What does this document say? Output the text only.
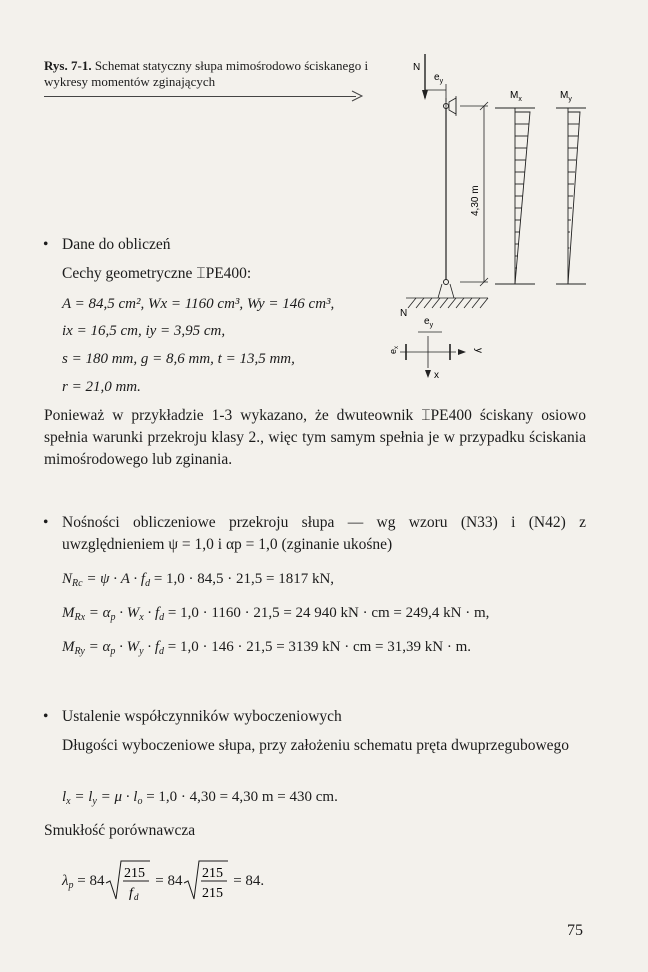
Rys. 7-1. Schemat statyczny słupa mimośrodowo ściskanego i wykresy momentów zginających
N
$e_y$
4,30 m
$M_x$	$M_y$
N
$e_y$
$e_x$
y
x
• Dane do obliczeń
Cechy geometryczne ⌶PE400:
A = 84,5 cm², Wx = 1160 cm³, Wy = 146 cm³,
ix = 16,5 cm, iy = 3,95 cm,
s = 180 mm, g = 8,6 mm, t = 13,5 mm,
r = 21,0 mm.
Ponieważ w przykładzie 1-3 wykazano, że dwuteownik ⌶PE400 ściskany osiowo spełnia warunki przekroju klasy 2., więc tym samym spełnia je w przypadku ściskania mimośrodowego lub zginania.
• Nośności obliczeniowe przekroju słupa — wg wzoru (N33) i (N42) z uwzględnieniem ψ = 1,0 i αp = 1,0 (zginanie ukośne)
$N_{Rc} = \psi \cdot A \cdot f_d = 1,0 \cdot 84,5 \cdot 21,5 = 1817$ kN,
$M_{Rx} = \alpha_p \cdot W_x \cdot f_d = 1,0 \cdot 1160 \cdot 21,5 = 24$ 940 kN · cm = 249,4 kN · m,
$M_{Ry} = \alpha_p \cdot W_y \cdot f_d = 1,0 \cdot 146 \cdot 21,5 = 3139$ kN · cm = 31,39 kN · m.
• Ustalenie współczynników wyboczeniowych
Długości wyboczeniowe słupa, przy założeniu schematu pręta dwuprzegubowego
$l_x = l_y = \mu \cdot l_o = 1,0 \cdot 4,30 = 4,30$ m = 430 cm.
Smukłość porównawcza
$\lambda_p = 84$ 215
f d
= 84 215
215

= 84.
75
